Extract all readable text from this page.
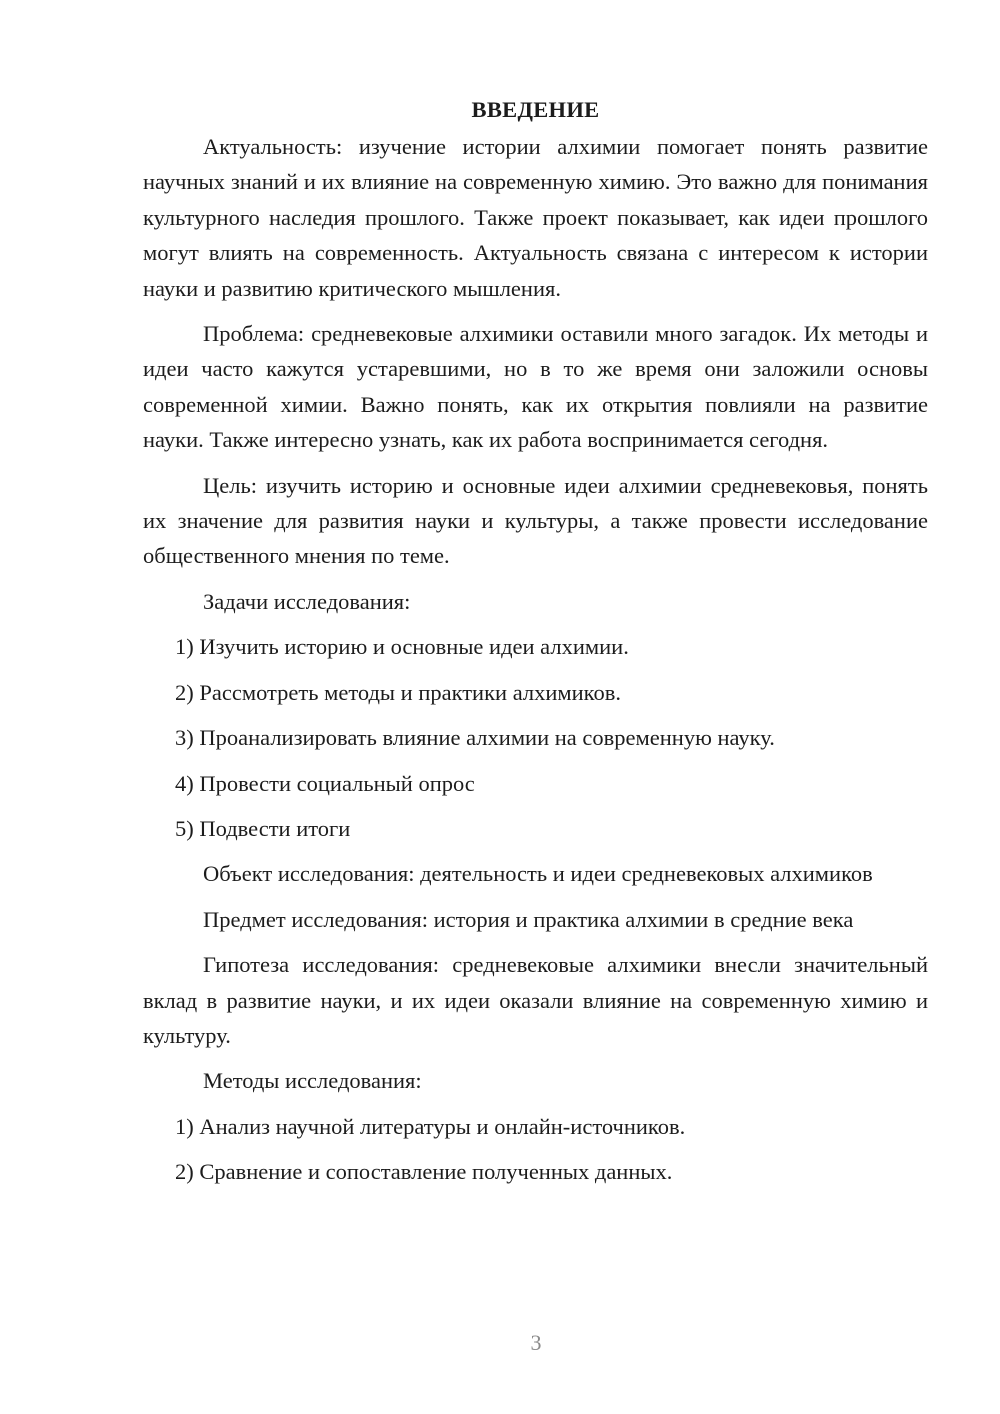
ВВЕДЕНИЕ

Актуальность: изучение истории алхимии помогает понять развитие научных знаний и их влияние на современную химию. Это важно для понимания культурного наследия прошлого. Также проект показывает, как идеи прошлого могут влиять на современность. Актуальность связана с интересом к истории науки и развитию критического мышления.

Проблема: средневековые алхимики оставили много загадок. Их методы и идеи часто кажутся устаревшими, но в то же время они заложили основы современной химии. Важно понять, как их открытия повлияли на развитие науки. Также интересно узнать, как их работа воспринимается сегодня.

Цель: изучить историю и основные идеи алхимии средневековья, понять их значение для развития науки и культуры, а также провести исследование общественного мнения по теме.

Задачи исследования:

1) Изучить историю и основные идеи алхимии.
2) Рассмотреть методы и практики алхимиков.
3) Проанализировать влияние алхимии на современную науку.
4) Провести социальный опрос
5) Подвести итоги

Объект исследования: деятельность и идеи средневековых алхимиков

Предмет исследования: история и практика алхимии в средние века

Гипотеза исследования: средневековые алхимики внесли значительный вклад в развитие науки, и их идеи оказали влияние на современную химию и культуру.

Методы исследования:

1) Анализ научной литературы и онлайн-источников.
2) Сравнение и сопоставление полученных данных.
3
